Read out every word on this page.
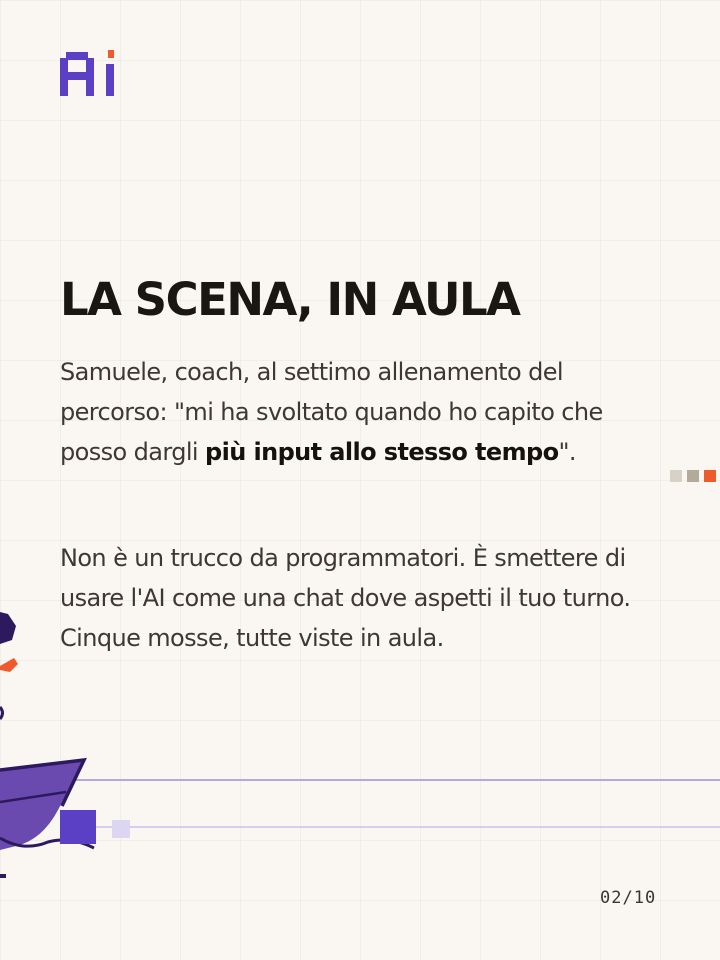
LA SCENA, IN AULA

Samuele, coach, al settimo allenamento del percorso: "mi ha svoltato quando ho capito che posso dargli più input allo stesso tempo".

Non è un trucco da programmatori. È smettere di usare l'AI come una chat dove aspetti il tuo turno. Cinque mosse, tutte viste in aula.

02/10
